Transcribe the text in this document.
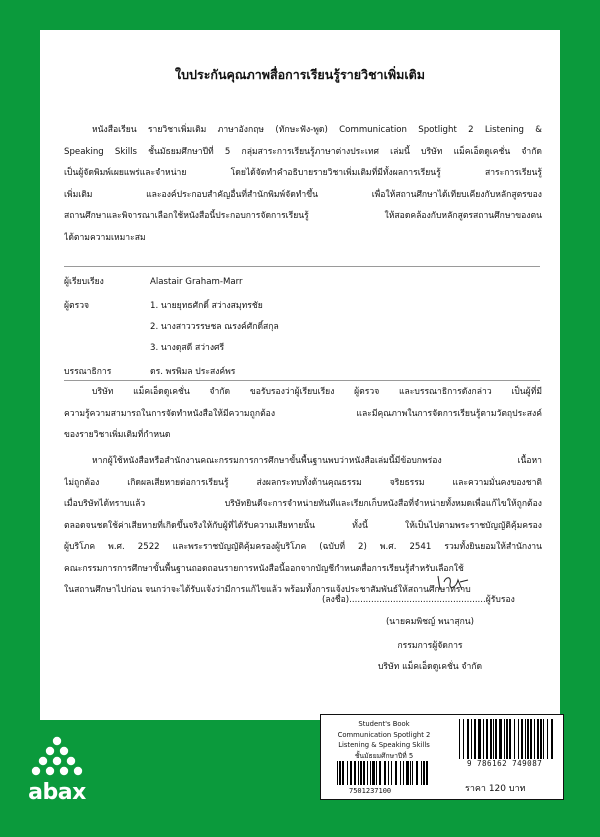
ใบประกันคุณภาพสื่อการเรียนรู้รายวิชาเพิ่มเติม
หนังสือเรียน รายวิชาเพิ่มเติม ภาษาอังกฤษ (ทักษะฟัง-พูด) Communication Spotlight 2 Listening &
Speaking Skills ชั้นมัธยมศึกษาปีที่ 5 กลุ่มสาระการเรียนรู้ภาษาต่างประเทศ เล่มนี้ บริษัท แม็คเอ็ดดูเคชั่น จำกัด
เป็นผู้จัดพิมพ์เผยแพร่และจำหน่าย โดยได้จัดทำคำอธิบายรายวิชาเพิ่มเติมที่มีทั้งผลการเรียนรู้ สาระการเรียนรู้
เพิ่มเติม และองค์ประกอบสำคัญอื่นที่สำนักพิมพ์จัดทำขึ้น เพื่อให้สถานศึกษาได้เทียบเคียงกับหลักสูตรของ
สถานศึกษาและพิจารณาเลือกใช้หนังสือนี้ประกอบการจัดการเรียนรู้ ให้สอดคล้องกับหลักสูตรสถานศึกษาของตน
ได้ตามความเหมาะสม
ผู้เรียบเรียง	Alastair Graham-Marr
ผู้ตรวจ	1. นายยุทธศักดิ์ สว่างสมุทรชัย
2. นางสาววรรษชล ณรงค์ศักดิ์สกุล
3. นางดุสดี สว่างศรี
บรรณาธิการ	ดร. พรพิมล ประสงค์พร
บริษัท แม็คเอ็ดดูเคชั่น จำกัด ขอรับรองว่าผู้เรียบเรียง ผู้ตรวจ และบรรณาธิการดังกล่าว เป็นผู้ที่มี
ความรู้ความสามารถในการจัดทำหนังสือให้มีความถูกต้อง และมีคุณภาพในการจัดการเรียนรู้ตามวัตถุประสงค์
ของรายวิชาเพิ่มเติมที่กำหนด
หากผู้ใช้หนังสือหรือสำนักงานคณะกรรมการการศึกษาขั้นพื้นฐานพบว่าหนังสือเล่มนี้มีข้อบกพร่อง เนื้อหา
ไม่ถูกต้อง เกิดผลเสียหายต่อการเรียนรู้ ส่งผลกระทบทั้งด้านคุณธรรม จริยธรรม และความมั่นคงของชาติ
เมื่อบริษัทได้ทราบแล้ว บริษัทยินดีจะการจำหน่ายทันทีและเรียกเก็บหนังสือที่จำหน่ายทั้งหมดเพื่อแก้ไขให้ถูกต้อง
ตลอดจนชดใช้ค่าเสียหายที่เกิดขึ้นจริงให้กับผู้ที่ได้รับความเสียหายนั้น ทั้งนี้ ให้เป็นไปตามพระราชบัญญัติคุ้มครอง
ผู้บริโภค พ.ศ. 2522 และพระราชบัญญัติคุ้มครองผู้บริโภค (ฉบับที่ 2) พ.ศ. 2541 รวมทั้งยินยอมให้สำนักงาน
คณะกรรมการการศึกษาขั้นพื้นฐานถอดถอนรายการหนังสือนี้ออกจากบัญชีกำหนดสื่อการเรียนรู้สำหรับเลือกใช้
ในสถานศึกษาไปก่อน จนกว่าจะได้รับแจ้งว่ามีการแก้ไขแล้ว พร้อมทั้งการแจ้งประชาสัมพันธ์ให้สถานศึกษาทราบ
(ลงชื่อ)..................................................ผู้รับรอง
(นายคมพิชญ์ พนาสุกน)
กรรมการผู้จัดการ
บริษัท แม็คเอ็ดดูเคชั่น จำกัด
abax
Student's Book
Communication Spotlight 2
Listening & Speaking Skills
ชั้นมัธยมศึกษาปีที่ 5
7501237100
9 786162 749087
ราคา 120 บาท
